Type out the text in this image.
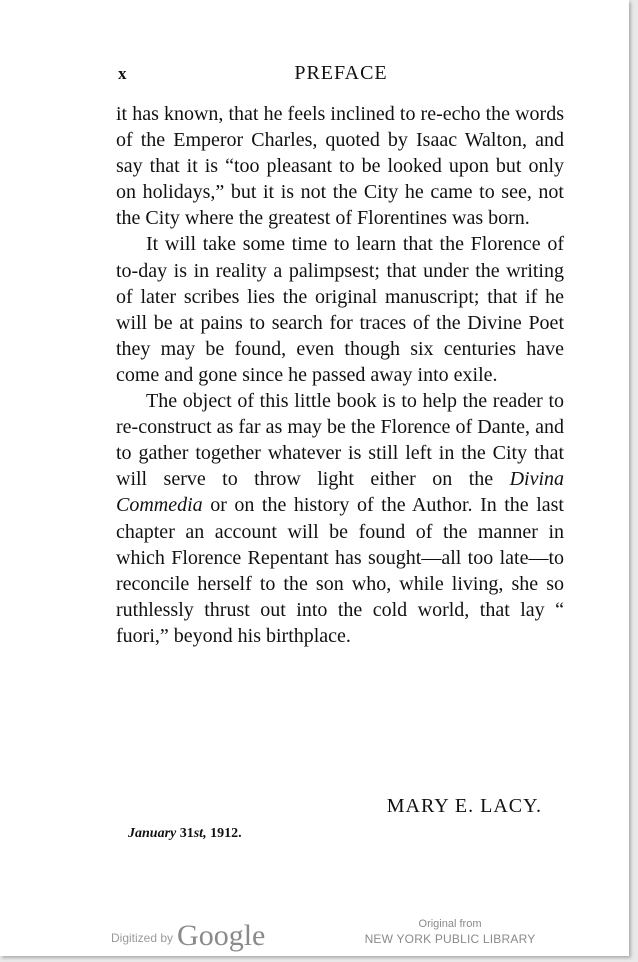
x	PREFACE

it has known, that he feels inclined to re-echo the words of the Emperor Charles, quoted by Isaac Walton, and say that it is “too pleasant to be looked upon but only on holidays,” but it is not the City he came to see, not the City where the greatest of Florentines was born.

It will take some time to learn that the Florence of to-day is in reality a palimpsest; that under the writing of later scribes lies the original manuscript; that if he will be at pains to search for traces of the Divine Poet they may be found, even though six centuries have come and gone since he passed away into exile.

The object of this little book is to help the reader to re-construct as far as may be the Florence of Dante, and to gather together whatever is still left in the City that will serve to throw light either on the Divina Commedia or on the history of the Author. In the last chapter an account will be found of the manner in which Florence Repentant has sought—all too late—to reconcile herself to the son who, while living, she so ruthlessly thrust out into the cold world, that lay “ fuori,” beyond his birthplace.

MARY E. LACY.
January 31st, 1912.
Digitized by Google	Original from
NEW YORK PUBLIC LIBRARY
